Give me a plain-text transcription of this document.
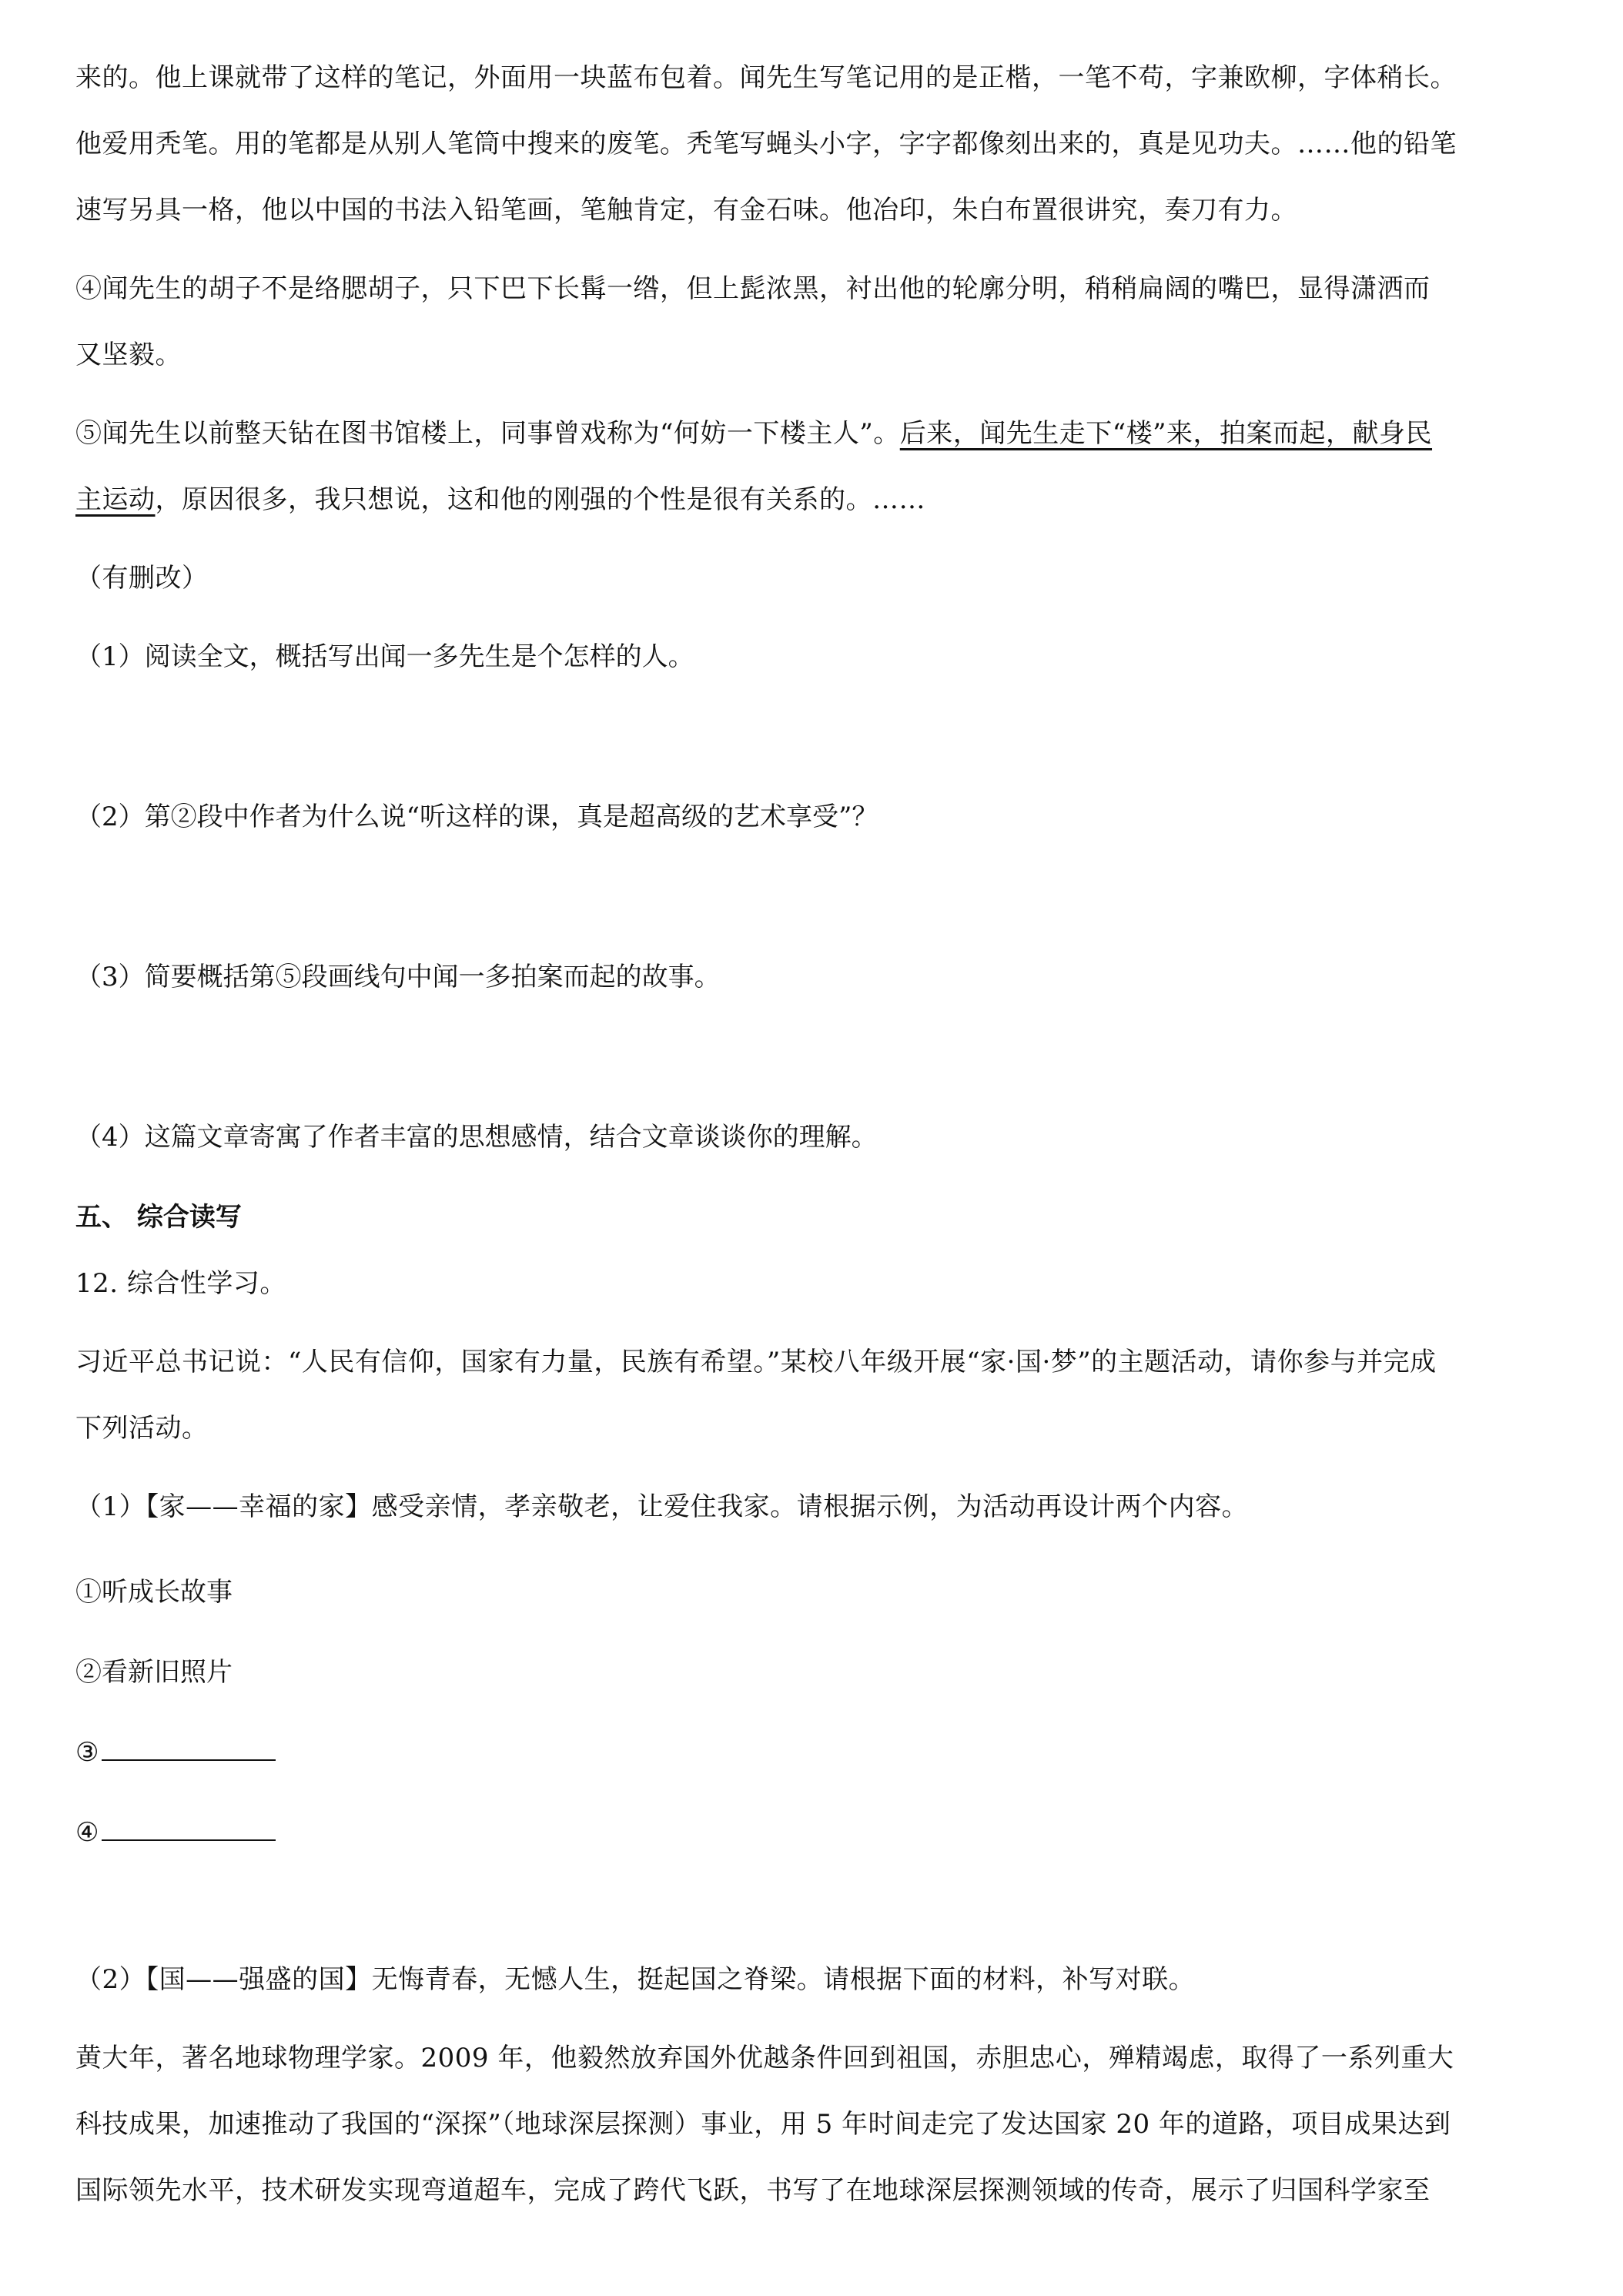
来的。他上课就带了这样的笔记，外面用一块蓝布包着。闻先生写笔记用的是正楷，一笔不苟，字兼欧柳，字体稍长。

他爱用秃笔。用的笔都是从别人笔筒中搜来的废笔。秃笔写蝇头小字，字字都像刻出来的，真是见功夫。……他的铅笔

速写另具一格，他以中国的书法入铅笔画，笔触肯定，有金石味。他冶印，朱白布置很讲究，奏刀有力。

④闻先生的胡子不是络腮胡子，只下巴下长髯一绺，但上髭浓黑，衬出他的轮廓分明，稍稍扁阔的嘴巴，显得潇洒而

又坚毅。

⑤闻先生以前整天钻在图书馆楼上，同事曾戏称为“何妨一下楼主人”。后来，闻先生走下“楼”来，拍案而起，献身民

主运动，原因很多，我只想说，这和他的刚强的个性是很有关系的。……

（有删改）

（1）阅读全文，概括写出闻一多先生是个怎样的人。

（2）第②段中作者为什么说“听这样的课，真是超高级的艺术享受”？

（3）简要概括第⑤段画线句中闻一多拍案而起的故事。

（4）这篇文章寄寓了作者丰富的思想感情，结合文章谈谈你的理解。

五、 综合读写

12. 综合性学习。

习近平总书记说：“人民有信仰，国家有力量，民族有希望。”某校八年级开展“家·国·梦”的主题活动，请你参与并完成

下列活动。

（1）【家——幸福的家】感受亲情，孝亲敬老，让爱住我家。请根据示例，为活动再设计两个内容。

①听成长故事

②看新旧照片

③

④

（2）【国——强盛的国】无悔青春，无憾人生，挺起国之脊梁。请根据下面的材料，补写对联。

黄大年，著名地球物理学家。2009 年，他毅然放弃国外优越条件回到祖国，赤胆忠心，殚精竭虑，取得了一系列重大

科技成果，加速推动了我国的“深探”（地球深层探测）事业，用 5 年时间走完了发达国家 20 年的道路，项目成果达到

国际领先水平，技术研发实现弯道超车，完成了跨代飞跃，书写了在地球深层探测领域的传奇，展示了归国科学家至
